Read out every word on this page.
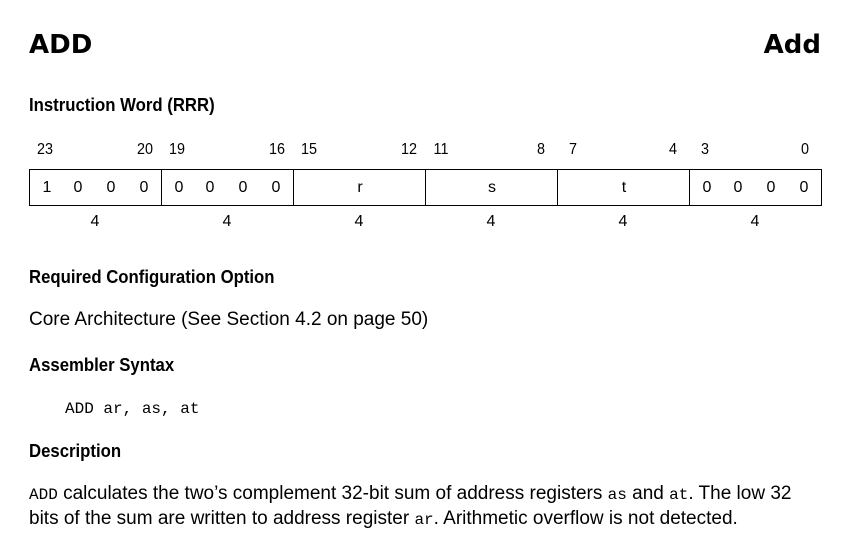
ADD	Add
Instruction Word (RRR)
23	20 19	16 15	12 11	8	7	4	3	0
1	0	0	0	0	0	0	0	r	s	t	0	0	0	0
4	4	4	4	4	4
Required Configuration Option
Core Architecture (See Section 4.2 on page 50)
Assembler Syntax
ADD ar, as, at
Description
ADD calculates the two’s complement 32-bit sum of address registers as and at. The low 32 bits of the sum are written to address register ar. Arithmetic overflow is not detected.
